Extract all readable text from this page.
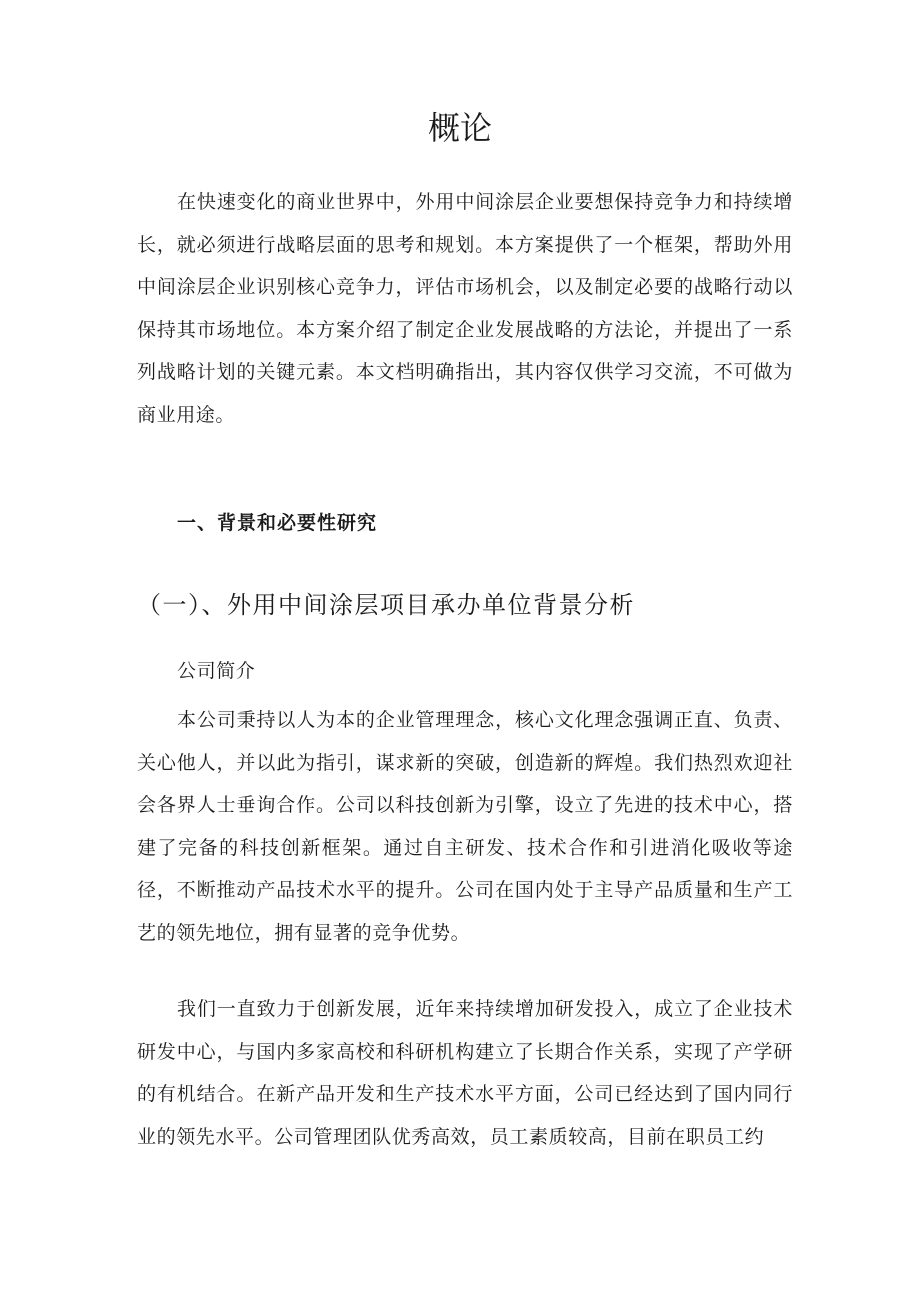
概论

在快速变化的商业世界中，外用中间涂层企业要想保持竞争力和持续增长，就必须进行战略层面的思考和规划。本方案提供了一个框架，帮助外用中间涂层企业识别核心竞争力，评估市场机会，以及制定必要的战略行动以保持其市场地位。本方案介绍了制定企业发展战略的方法论，并提出了一系列战略计划的关键元素。本文档明确指出，其内容仅供学习交流，不可做为商业用途。

一、背景和必要性研究
（一）、外用中间涂层项目承办单位背景分析

公司简介

本公司秉持以人为本的企业管理理念，核心文化理念强调正直、负责、关心他人，并以此为指引，谋求新的突破，创造新的辉煌。我们热烈欢迎社会各界人士垂询合作。公司以科技创新为引擎，设立了先进的技术中心，搭建了完备的科技创新框架。通过自主研发、技术合作和引进消化吸收等途径，不断推动产品技术水平的提升。公司在国内处于主导产品质量和生产工艺的领先地位，拥有显著的竞争优势。

我们一直致力于创新发展，近年来持续增加研发投入，成立了企业技术研发中心，与国内多家高校和科研机构建立了长期合作关系，实现了产学研的有机结合。在新产品开发和生产技术水平方面，公司已经达到了国内同行业的领先水平。公司管理团队优秀高效，员工素质较高，目前在职员工约
